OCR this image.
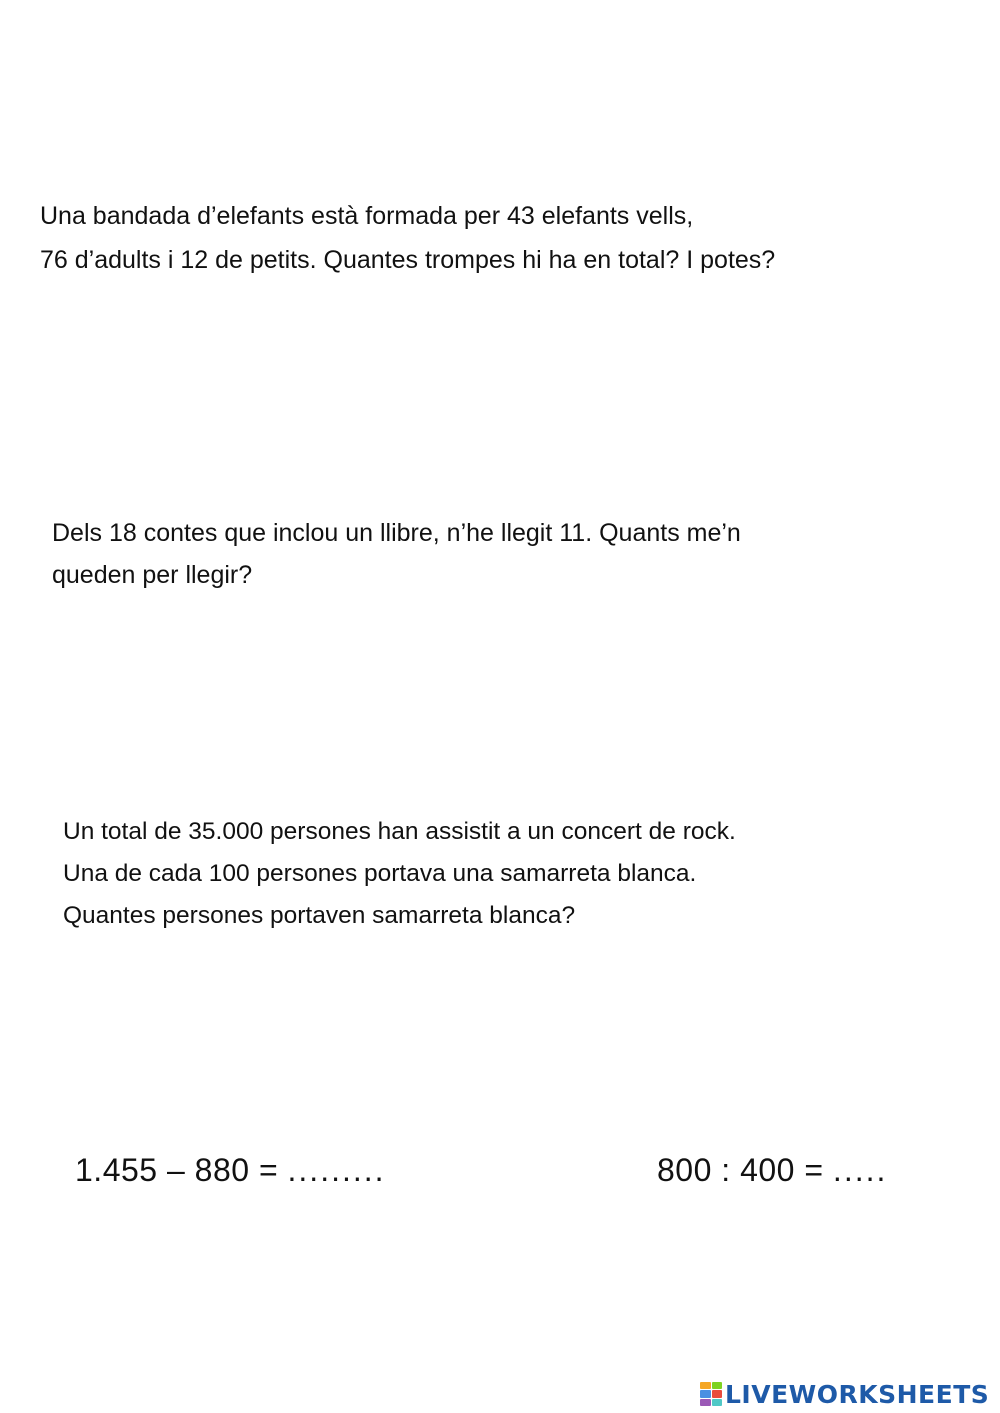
Una bandada d’elefants està formada per 43 elefants vells,
76 d’adults i 12 de petits. Quantes trompes hi ha en total? I potes?
Dels 18 contes que inclou un llibre, n’he llegit 11. Quants me’n
queden per llegir?
Un total de 35.000 persones han assistit a un concert de rock.
Una de cada 100 persones portava una samarreta blanca.
Quantes persones portaven samarreta blanca?
1.455 – 880 = .........	800 : 400 = .....
LIVEWORKSHEETS
